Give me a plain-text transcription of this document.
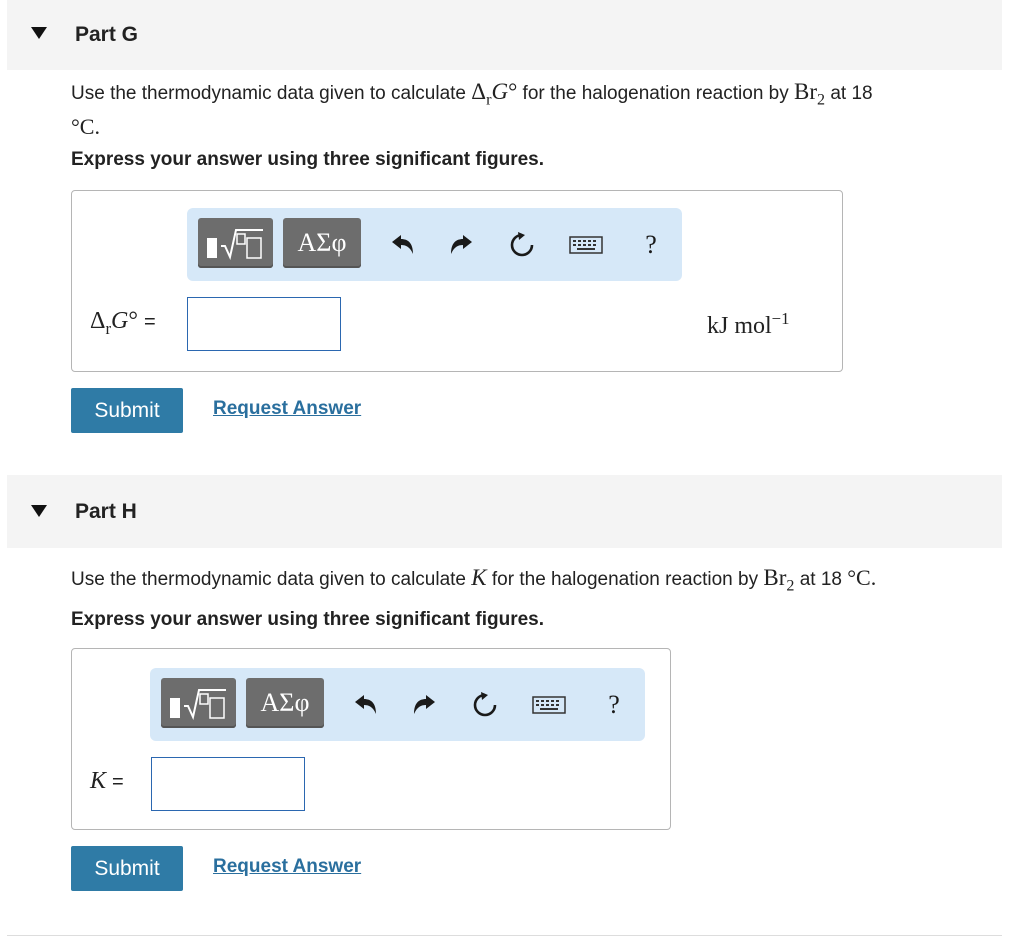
Part G
Use the thermodynamic data given to calculate $\Delta_rG^\circ$ for the halogenation reaction by $Br_2$ at 18
°C.
Express your answer using three significant figures.
ΑΣφ	?
$\Delta_rG^\circ$ =	kJ mol$^{-1}$
Submit	Request Answer
Part H
Use the thermodynamic data given to calculate K for the halogenation reaction by $Br_2$ at 18 °C.
Express your answer using three significant figures.
ΑΣφ	?
K =
Submit	Request Answer
